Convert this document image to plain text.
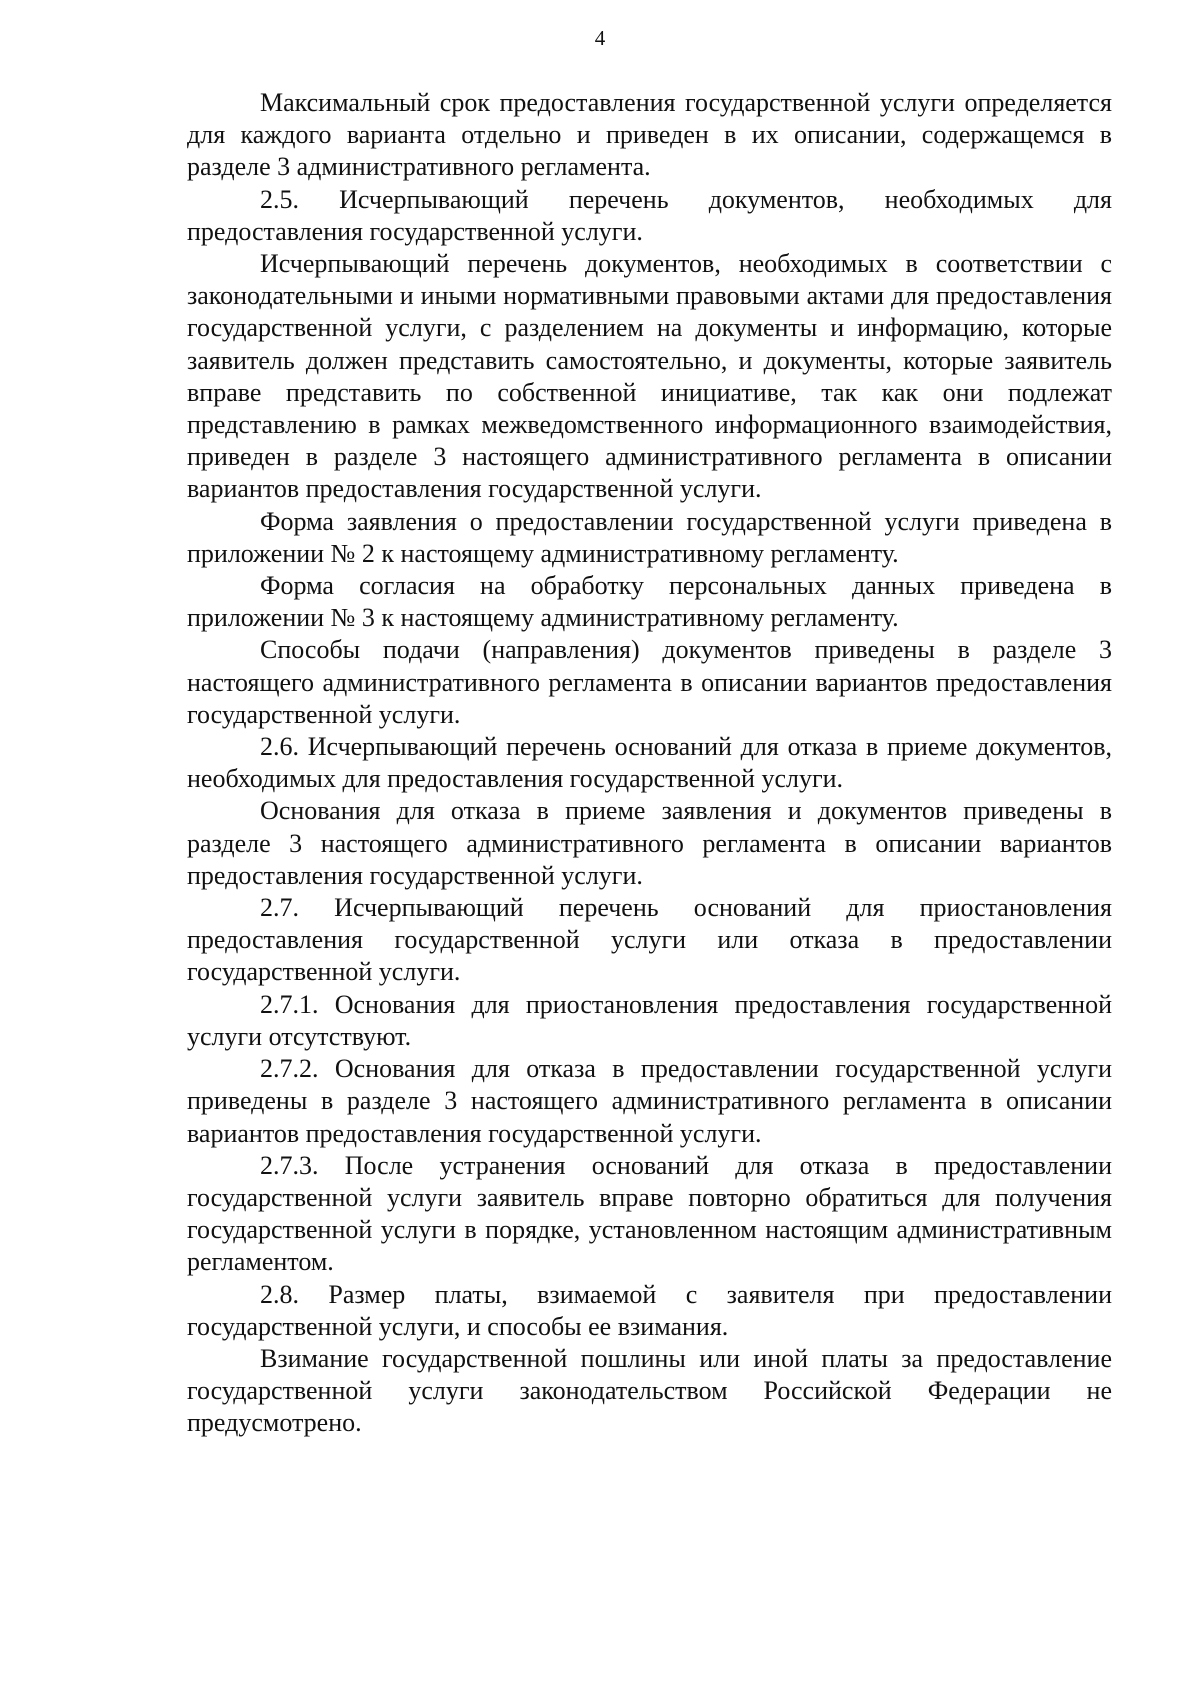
4

Максимальный срок предоставления государственной услуги определяется для каждого варианта отдельно и приведен в их описании, содержащемся в разделе 3 административного регламента.

2.5. Исчерпывающий перечень документов, необходимых для предоставления государственной услуги.

Исчерпывающий перечень документов, необходимых в соответствии с законодательными и иными нормативными правовыми актами для предоставления государственной услуги, с разделением на документы и информацию, которые заявитель должен представить самостоятельно, и документы, которые заявитель вправе представить по собственной инициативе, так как они подлежат представлению в рамках межведомственного информационного взаимодействия, приведен в разделе 3 настоящего административного регламента в описании вариантов предоставления государственной услуги.

Форма заявления о предоставлении государственной услуги приведена в приложении № 2 к настоящему административному регламенту.

Форма согласия на обработку персональных данных приведена в приложении № 3 к настоящему административному регламенту.

Способы подачи (направления) документов приведены в разделе 3 настоящего административного регламента в описании вариантов предоставления государственной услуги.

2.6. Исчерпывающий перечень оснований для отказа в приеме документов, необходимых для предоставления государственной услуги.

Основания для отказа в приеме заявления и документов приведены в разделе 3 настоящего административного регламента в описании вариантов предоставления государственной услуги.

2.7. Исчерпывающий перечень оснований для приостановления предоставления государственной услуги или отказа в предоставлении государственной услуги.

2.7.1. Основания для приостановления предоставления государственной услуги отсутствуют.

2.7.2. Основания для отказа в предоставлении государственной услуги приведены в разделе 3 настоящего административного регламента в описании вариантов предоставления государственной услуги.

2.7.3. После устранения оснований для отказа в предоставлении государственной услуги заявитель вправе повторно обратиться для получения государственной услуги в порядке, установленном настоящим административным регламентом.

2.8. Размер платы, взимаемой с заявителя при предоставлении государственной услуги, и способы ее взимания.

Взимание государственной пошлины или иной платы за предоставление государственной услуги законодательством Российской Федерации не предусмотрено.
